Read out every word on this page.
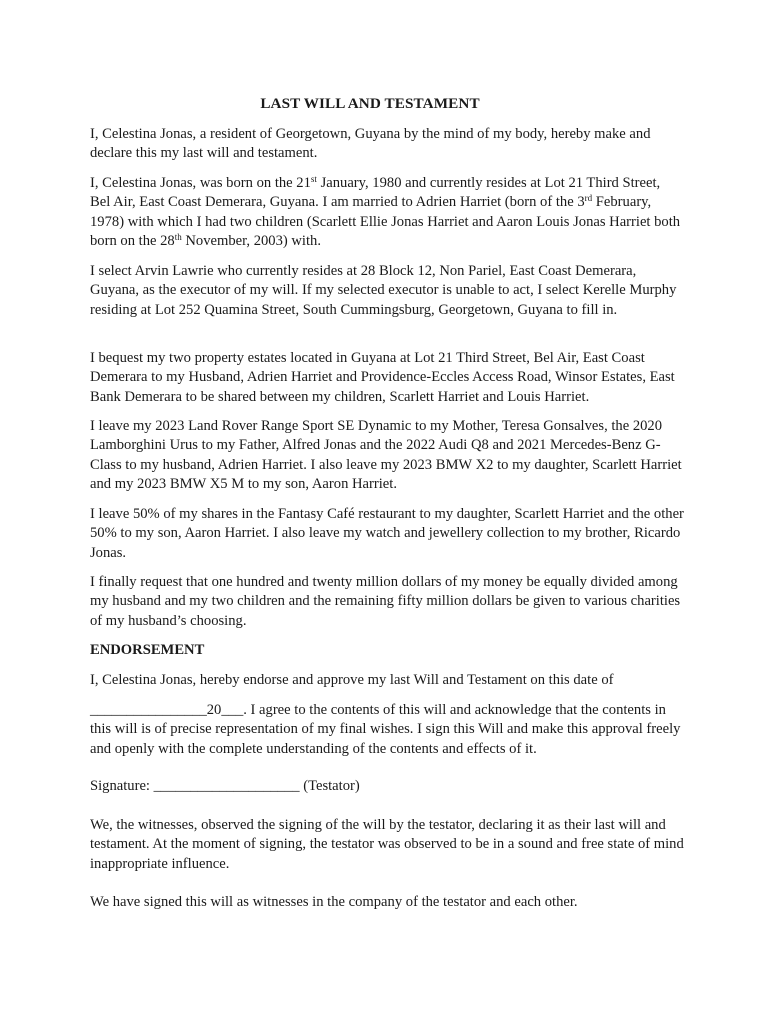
LAST WILL AND TESTAMENT

I, Celestina Jonas, a resident of Georgetown, Guyana by the mind of my body, hereby make and declare this my last will and testament.

I, Celestina Jonas, was born on the 21st January, 1980 and currently resides at Lot 21 Third Street, Bel Air, East Coast Demerara, Guyana. I am married to Adrien Harriet (born of the 3rd February, 1978) with which I had two children (Scarlett Ellie Jonas Harriet and Aaron Louis Jonas Harriet both born on the 28th November, 2003) with.

I select Arvin Lawrie who currently resides at 28 Block 12, Non Pariel, East Coast Demerara, Guyana, as the executor of my will. If my selected executor is unable to act, I select Kerelle Murphy residing at Lot 252 Quamina Street, South Cummingsburg, Georgetown, Guyana to fill in.

I bequest my two property estates located in Guyana at Lot 21 Third Street, Bel Air, East Coast Demerara to my Husband, Adrien Harriet and Providence-Eccles Access Road, Winsor Estates, East Bank Demerara to be shared between my children, Scarlett Harriet and Louis Harriet.

I leave my 2023 Land Rover Range Sport SE Dynamic to my Mother, Teresa Gonsalves, the 2020 Lamborghini Urus to my Father, Alfred Jonas and the 2022 Audi Q8 and 2021 Mercedes-Benz G-Class to my husband, Adrien Harriet. I also leave my 2023 BMW X2 to my daughter, Scarlett Harriet and my 2023 BMW X5 M to my son, Aaron Harriet.

I leave 50% of my shares in the Fantasy Café restaurant to my daughter, Scarlett Harriet and the other 50% to my son, Aaron Harriet. I also leave my watch and jewellery collection to my brother, Ricardo Jonas.

I finally request that one hundred and twenty million dollars of my money be equally divided among my husband and my two children and the remaining fifty million dollars be given to various charities of my husband’s choosing.

ENDORSEMENT

I, Celestina Jonas, hereby endorse and approve my last Will and Testament on this date of

________________20___. I agree to the contents of this will and acknowledge that the contents in this will is of precise representation of my final wishes. I sign this Will and make this approval freely and openly with the complete understanding of the contents and effects of it.

Signature: ____________________ (Testator)

We, the witnesses, observed the signing of the will by the testator, declaring it as their last will and testament. At the moment of signing, the testator was observed to be in a sound and free state of mind inappropriate influence.

We have signed this will as witnesses in the company of the testator and each other.
